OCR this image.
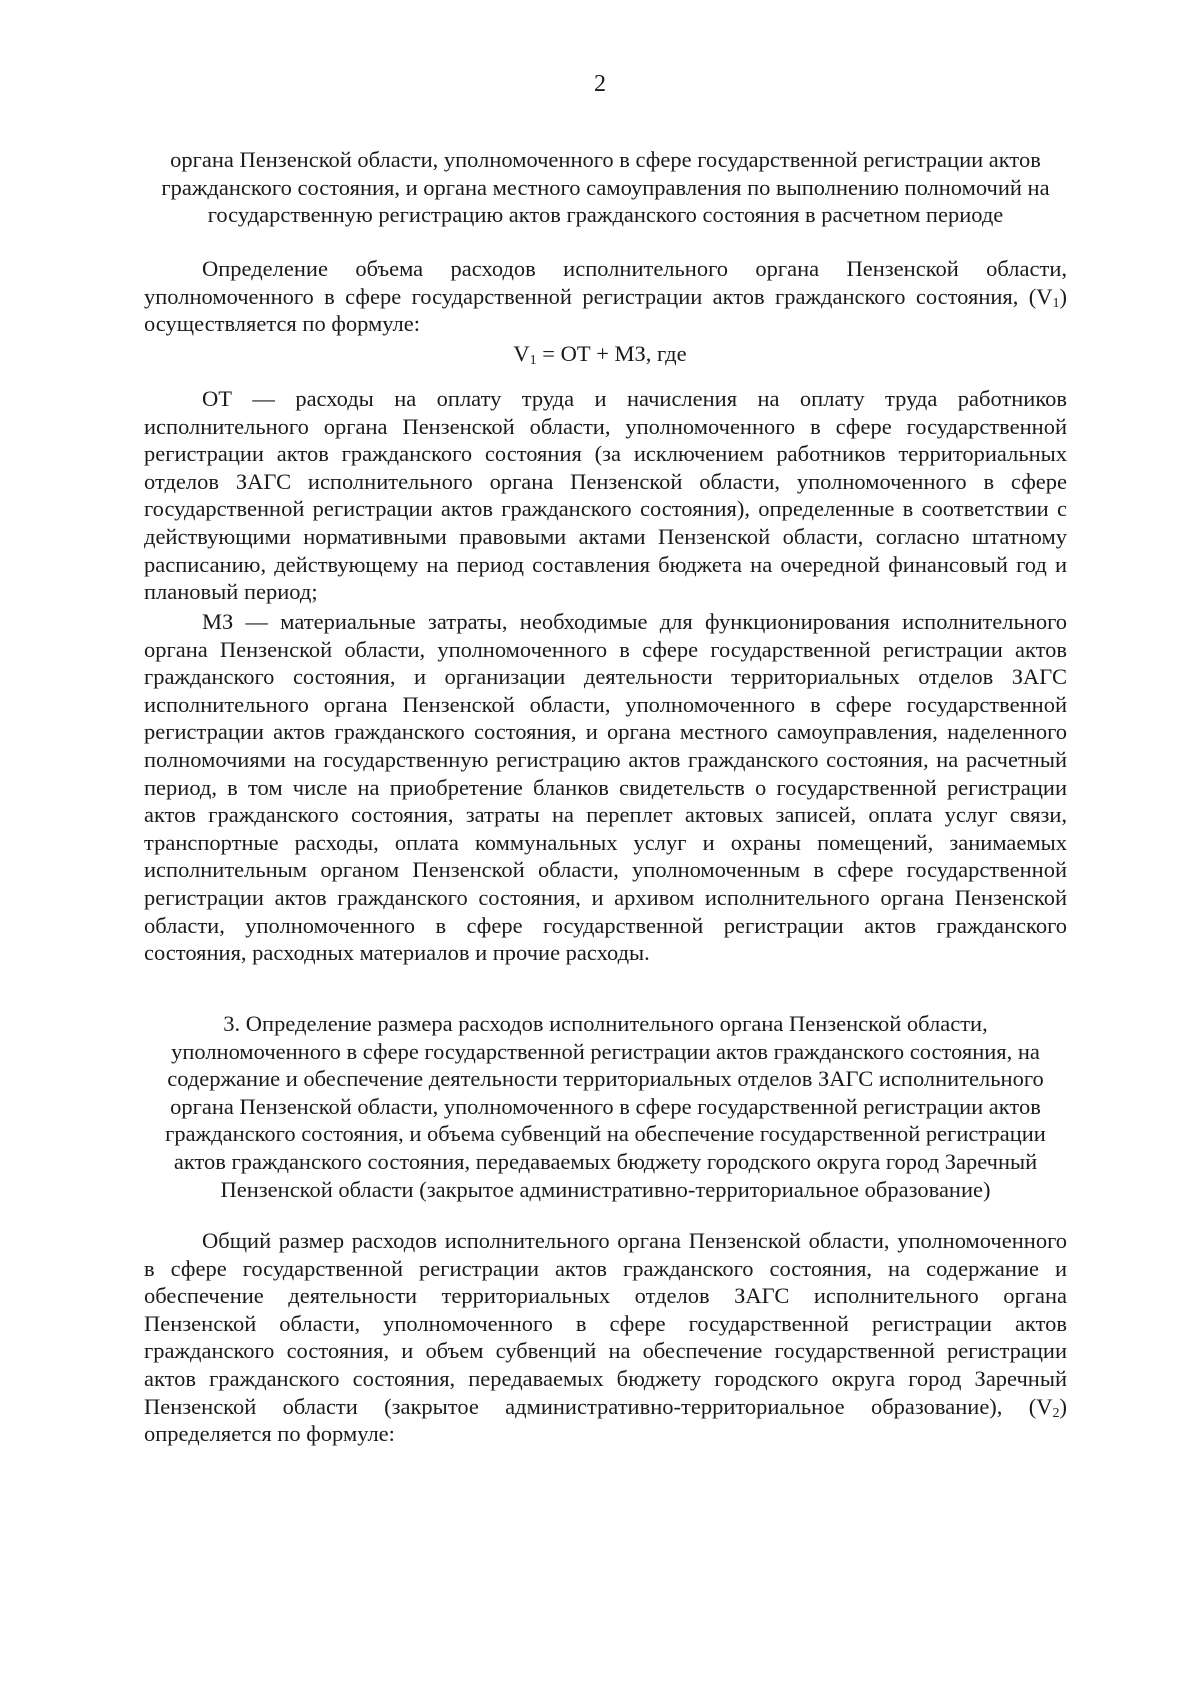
2
органа Пензенской области, уполномоченного в сфере государственной регистрации актов гражданского состояния, и органа местного самоуправления по выполнению полномочий на государственную регистрацию актов гражданского состояния в расчетном периоде

Определение объема расходов исполнительного органа Пензенской области, уполномоченного в сфере государственной регистрации актов гражданского состояния, $(V_1)$ осуществляется по формуле:

$V_1$ = ОТ + МЗ, где

ОТ — расходы на оплату труда и начисления на оплату труда работников исполнительного органа Пензенской области, уполномоченного в сфере государственной регистрации актов гражданского состояния (за исключением работников территориальных отделов ЗАГС исполнительного органа Пензенской области, уполномоченного в сфере государственной регистрации актов гражданского состояния), определенные в соответствии с действующими нормативными правовыми актами Пензенской области, согласно штатному расписанию, действующему на период составления бюджета на очередной финансовый год и плановый период;

МЗ — материальные затраты, необходимые для функционирования исполнительного органа Пензенской области, уполномоченного в сфере государственной регистрации актов гражданского состояния, и организации деятельности территориальных отделов ЗАГС исполнительного органа Пензенской области, уполномоченного в сфере государственной регистрации актов гражданского состояния, и органа местного самоуправления, наделенного полномочиями на государственную регистрацию актов гражданского состояния, на расчетный период, в том числе на приобретение бланков свидетельств о государственной регистрации актов гражданского состояния, затраты на переплет актовых записей, оплата услуг связи, транспортные расходы, оплата коммунальных услуг и охраны помещений, занимаемых исполнительным органом Пензенской области, уполномоченным в сфере государственной регистрации актов гражданского состояния, и архивом исполнительного органа Пензенской области, уполномоченного в сфере государственной регистрации актов гражданского состояния, расходных материалов и прочие расходы.

3. Определение размера расходов исполнительного органа Пензенской области, уполномоченного в сфере государственной регистрации актов гражданского состояния, на содержание и обеспечение деятельности территориальных отделов ЗАГС исполнительного органа Пензенской области, уполномоченного в сфере государственной регистрации актов гражданского состояния, и объема субвенций на обеспечение государственной регистрации актов гражданского состояния, передаваемых бюджету городского округа город Заречный Пензенской области (закрытое административно-территориальное образование)

Общий размер расходов исполнительного органа Пензенской области, уполномоченного в сфере государственной регистрации актов гражданского состояния, на содержание и обеспечение деятельности территориальных отделов ЗАГС исполнительного органа Пензенской области, уполномоченного в сфере государственной регистрации актов гражданского состояния, и объем субвенций на обеспечение государственной регистрации актов гражданского состояния, передаваемых бюджету городского округа город Заречный Пензенской области (закрытое административно-территориальное образование), $(V_2)$ определяется по формуле:
